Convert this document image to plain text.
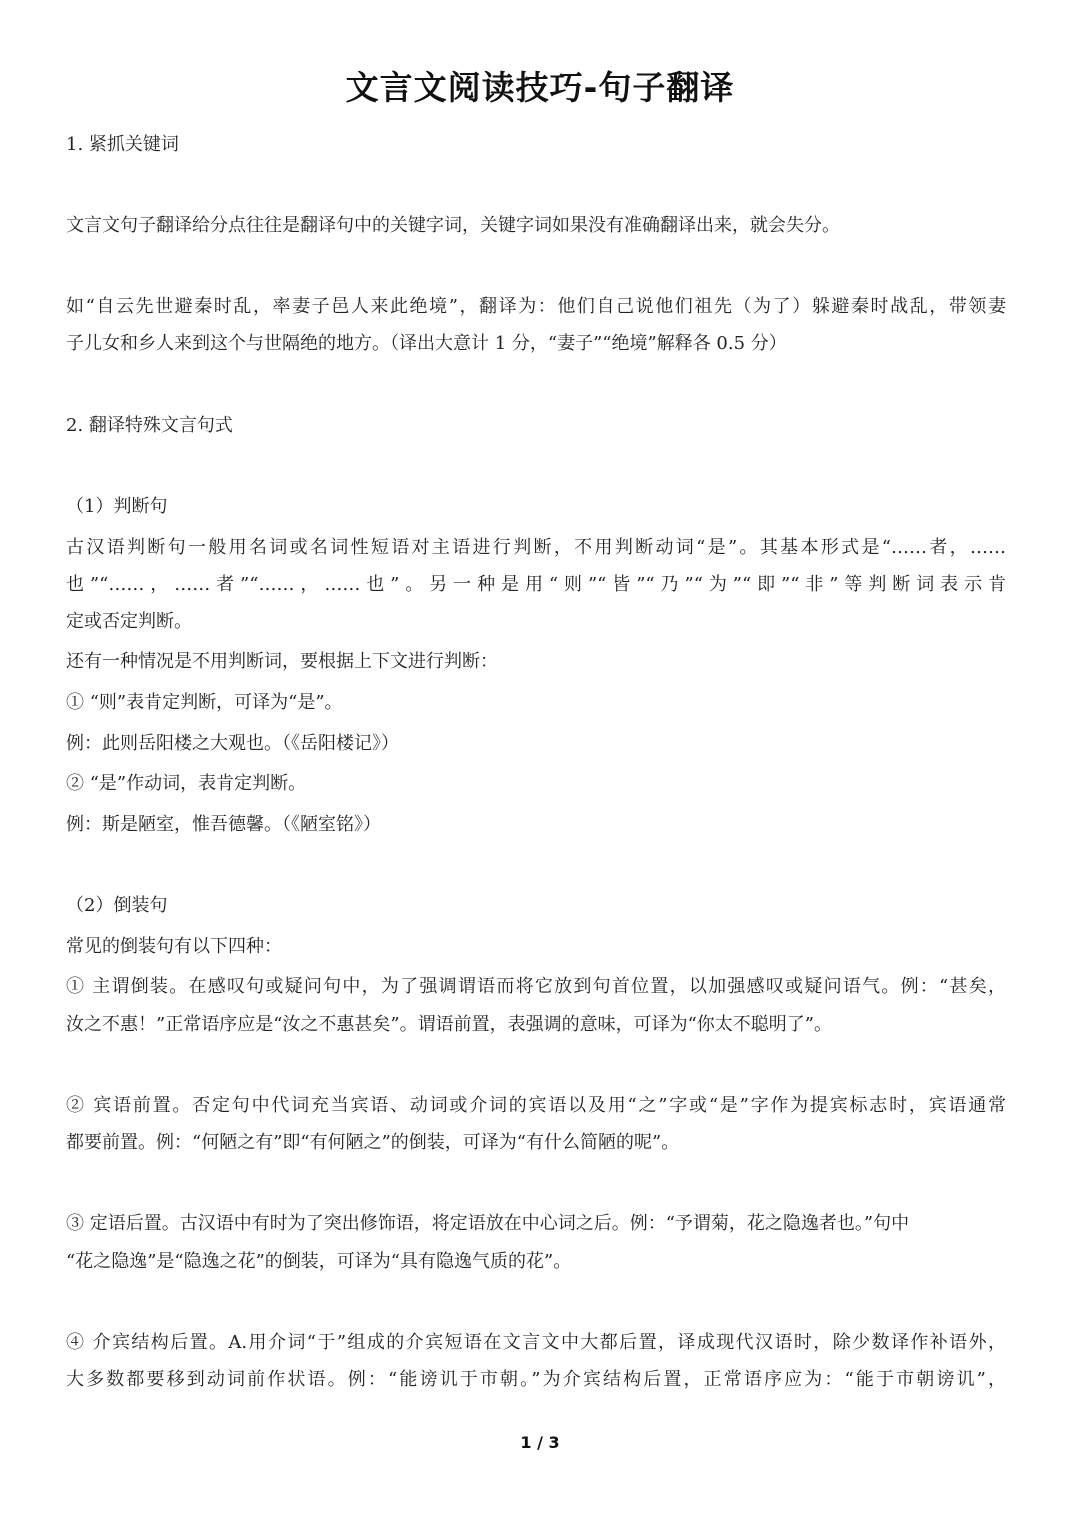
文言文阅读技巧-句子翻译
1. 紧抓关键词
文言文句子翻译给分点往往是翻译句中的关键字词，关键字词如果没有准确翻译出来，就会失分。
如“自云先世避秦时乱，率妻子邑人来此绝境”，翻译为：他们自己说他们祖先（为了）躲避秦时战乱，带领妻
子儿女和乡人来到这个与世隔绝的地方。（译出大意计 1 分，“妻子”“绝境”解释各 0.5 分）
2. 翻译特殊文言句式
（1）判断句
古汉语判断句一般用名词或名词性短语对主语进行判断，不用判断动词“是”。其基本形式是“……者，……
也”“……，……者”“……，……也”。另一种是用“则”“皆”“乃”“为”“即”“非”等判断词表示肯
定或否定判断。
还有一种情况是不用判断词，要根据上下文进行判断：
① “则”表肯定判断，可译为“是”。
例：此则岳阳楼之大观也。（《岳阳楼记》）
② “是”作动词，表肯定判断。
例：斯是陋室，惟吾德馨。（《陋室铭》）
（2）倒装句
常见的倒装句有以下四种：
① 主谓倒装。在感叹句或疑问句中，为了强调谓语而将它放到句首位置，以加强感叹或疑问语气。例：“甚矣，
汝之不惠！”正常语序应是“汝之不惠甚矣”。谓语前置，表强调的意味，可译为“你太不聪明了”。
② 宾语前置。否定句中代词充当宾语、动词或介词的宾语以及用“之”字或“是”字作为提宾标志时，宾语通常
都要前置。例：“何陋之有”即“有何陋之”的倒装，可译为“有什么简陋的呢”。
③ 定语后置。古汉语中有时为了突出修饰语，将定语放在中心词之后。例：“予谓菊，花之隐逸者也。”句中
“花之隐逸”是“隐逸之花”的倒装，可译为“具有隐逸气质的花”。
④ 介宾结构后置。A.用介词“于”组成的介宾短语在文言文中大都后置，译成现代汉语时，除少数译作补语外，
大多数都要移到动词前作状语。例：“能谤讥于市朝。”为介宾结构后置，正常语序应为：“能于市朝谤讥”，
1 / 3
